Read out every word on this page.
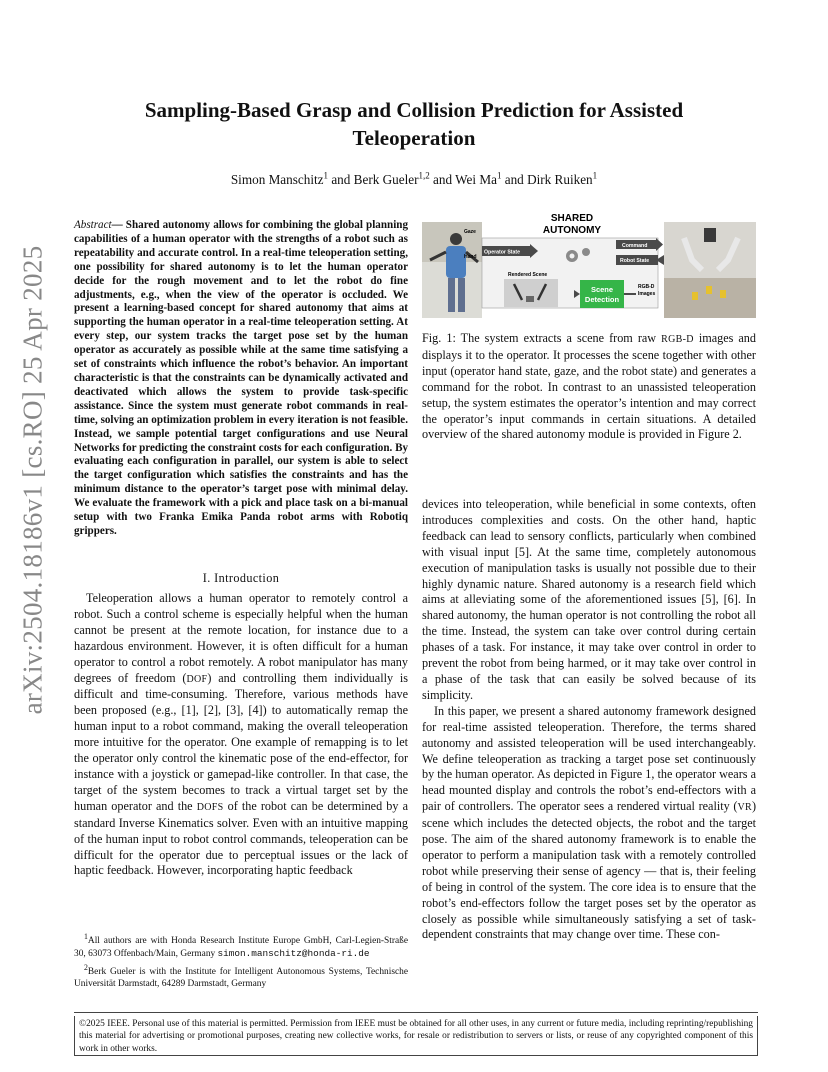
arXiv:2504.18186v1 [cs.RO] 25 Apr 2025
Sampling-Based Grasp and Collision Prediction for Assisted
Teleoperation
Simon Manschitz$^1$ and Berk Gueler$^{1,2}$ and Wei Ma$^1$ and Dirk Ruiken$^1$
Abstract— Shared autonomy allows for combining the global planning capabilities of a human operator with the strengths of a robot such as repeatability and accurate control. In a real-time teleoperation setting, one possibility for shared autonomy is to let the human operator decide for the rough movement and to let the robot do fine adjustments, e.g., when the view of the operator is occluded. We present a learning-based concept for shared autonomy that aims at supporting the human operator in a real-time teleoperation setting. At every step, our system tracks the target pose set by the human operator as accurately as possible while at the same time satisfying a set of constraints which influence the robot’s behavior. An important characteristic is that the constraints can be dynamically activated and deactivated which allows the system to provide task-specific assistance. Since the system must generate robot commands in real-time, solving an optimization problem in every iteration is not feasible. Instead, we sample potential target configurations and use Neural Networks for predicting the constraint costs for each configuration. By evaluating each configuration in parallel, our system is able to select the target configuration which satisfies the constraints and has the minimum distance to the operator’s target pose with minimal delay. We evaluate the framework with a pick and place task on a bi-manual setup with two Franka Emika Panda robot arms with Robotiq grippers.
I. Introduction

Teleoperation allows a human operator to remotely control a robot. Such a control scheme is especially helpful when the human cannot be present at the remote location, for instance due to a hazardous environment. However, it is often difficult for a human operator to control a robot remotely. A robot manipulator has many degrees of freedom (DOF) and controlling them individually is difficult and time-consuming. Therefore, various methods have been proposed (e.g., [1], [2], [3], [4]) to automatically remap the human input to a robot command, making the overall teleoperation more intuitive for the operator. One example of remapping is to let the operator only control the kinematic pose of the end-effector, for instance with a joystick or gamepad-like controller. In that case, the target of the system becomes to track a virtual target set by the human operator and the DOFS of the robot can be determined by a standard Inverse Kinematics solver. Even with an intuitive mapping of the human input to robot control commands, teleoperation can be difficult for the operator due to perceptual issues or the lack of haptic feedback. However, incorporating haptic feedback

$^1$All authors are with Honda Research Institute Europe GmbH, Carl-Legien-Straße 30, 63073 Offenbach/Main, Germany simon.manschitz@honda-ri.de

$^2$Berk Gueler is with the Institute for Intelligent Autonomous Systems, Technische Universität Darmstadt, 64289 Darmstadt, Germany

Gaze
Hand
SHARED
AUTONOMY
Operator State
Command
Robot State
Rendered Scene
Scene
Detection
RGB-D
Images
Fig. 1: The system extracts a scene from raw RGB-D images and displays it to the operator. It processes the scene together with other input (operator hand state, gaze, and the robot state) and generates a command for the robot. In contrast to an unassisted teleoperation setup, the system estimates the operator’s intention and may correct the operator’s input commands in certain situations. A detailed overview of the shared autonomy module is provided in Figure 2.

devices into teleoperation, while beneficial in some contexts, often introduces complexities and costs. On the other hand, haptic feedback can lead to sensory conflicts, particularly when combined with visual input [5]. At the same time, completely autonomous execution of manipulation tasks is usually not possible due to their highly dynamic nature. Shared autonomy is a research field which aims at alleviating some of the aforementioned issues [5], [6]. In shared autonomy, the human operator is not controlling the robot all the time. Instead, the system can take over control during certain phases of a task. For instance, it may take over control in order to prevent the robot from being harmed, or it may take over control in a phase of the task that can easily be solved because of its simplicity.

In this paper, we present a shared autonomy framework designed for real-time assisted teleoperation. Therefore, the terms shared autonomy and assisted teleoperation will be used interchangeably. We define teleoperation as tracking a target pose set continuously by the human operator. As depicted in Figure 1, the operator wears a head mounted display and controls the robot’s end-effectors with a pair of controllers. The operator sees a rendered virtual reality (VR) scene which includes the detected objects, the robot and the target pose. The aim of the shared autonomy framework is to enable the operator to perform a manipulation task with a remotely controlled robot while preserving their sense of agency — that is, their feeling of being in control of the system. The core idea is to ensure that the robot’s end-effectors follow the target poses set by the operator as closely as possible while simultaneously satisfying a set of task-dependent constraints that may change over time. These con-

©2025 IEEE. Personal use of this material is permitted. Permission from IEEE must be obtained for all other uses, in any current or future media, including reprinting/republishing this material for advertising or promotional purposes, creating new collective works, for resale or redistribution to servers or lists, or reuse of any copyrighted component of this work in other works.
